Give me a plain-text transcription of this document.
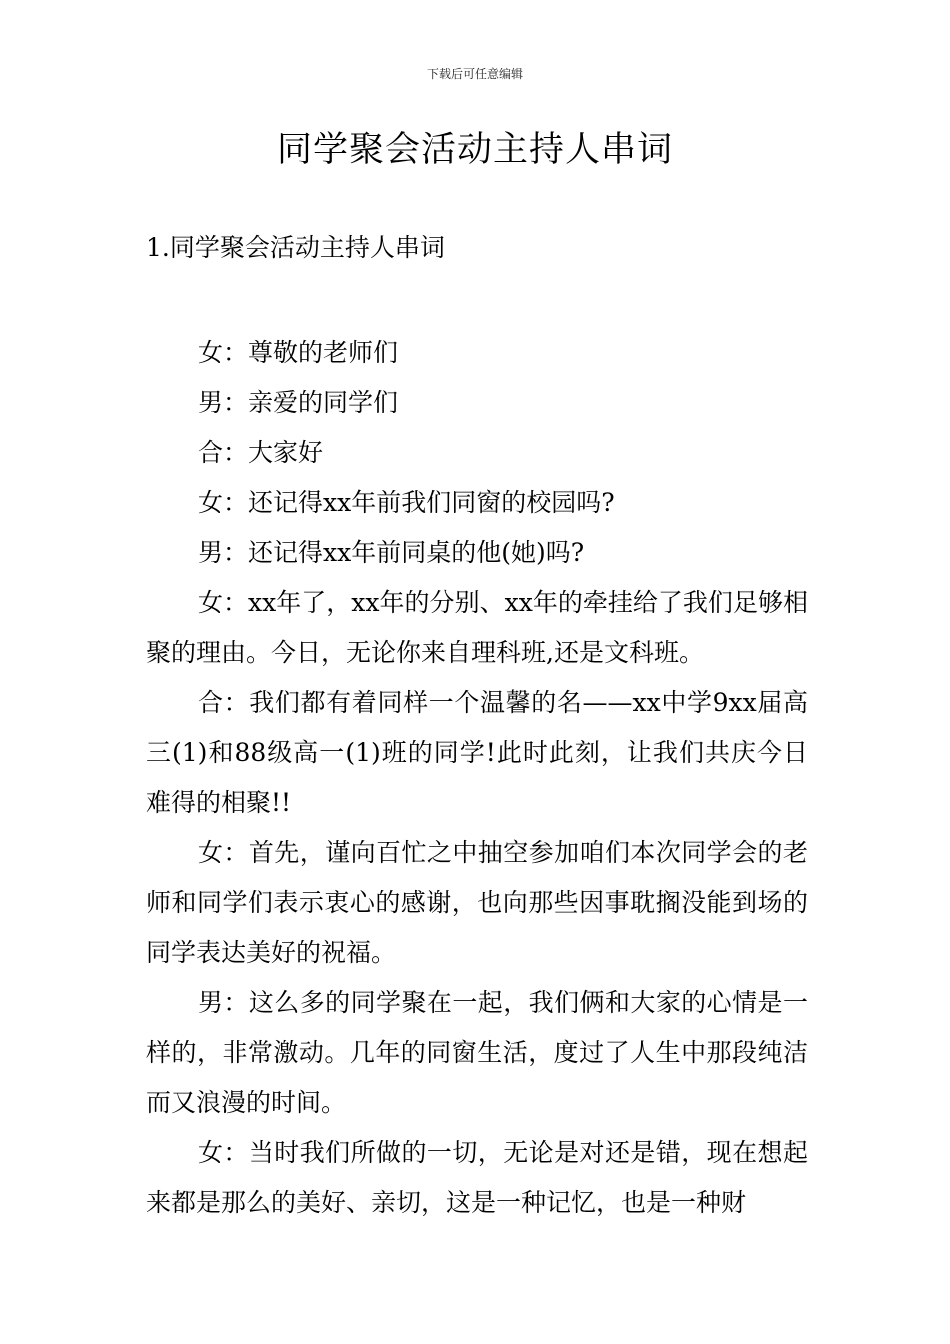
下载后可任意编辑
同学聚会活动主持人串词
1.同学聚会活动主持人串词

女：尊敬的老师们

男：亲爱的同学们

合：大家好

女：还记得xx年前我们同窗的校园吗?

男：还记得xx年前同桌的他(她)吗?

女：xx年了，xx年的分别、xx年的牵挂给了我们足够相聚的理由。今日，无论你来自理科班,还是文科班。

合：我们都有着同样一个温馨的名——xx中学9xx届高三(1)和88级高一(1)班的同学!此时此刻，让我们共庆今日难得的相聚!!

女：首先，谨向百忙之中抽空参加咱们本次同学会的老师和同学们表示衷心的感谢，也向那些因事耽搁没能到场的同学表达美好的祝福。

男：这么多的同学聚在一起，我们俩和大家的心情是一样的，非常激动。几年的同窗生活，度过了人生中那段纯洁而又浪漫的时间。

女：当时我们所做的一切，无论是对还是错，现在想起来都是那么的美好、亲切，这是一种记忆，也是一种财
